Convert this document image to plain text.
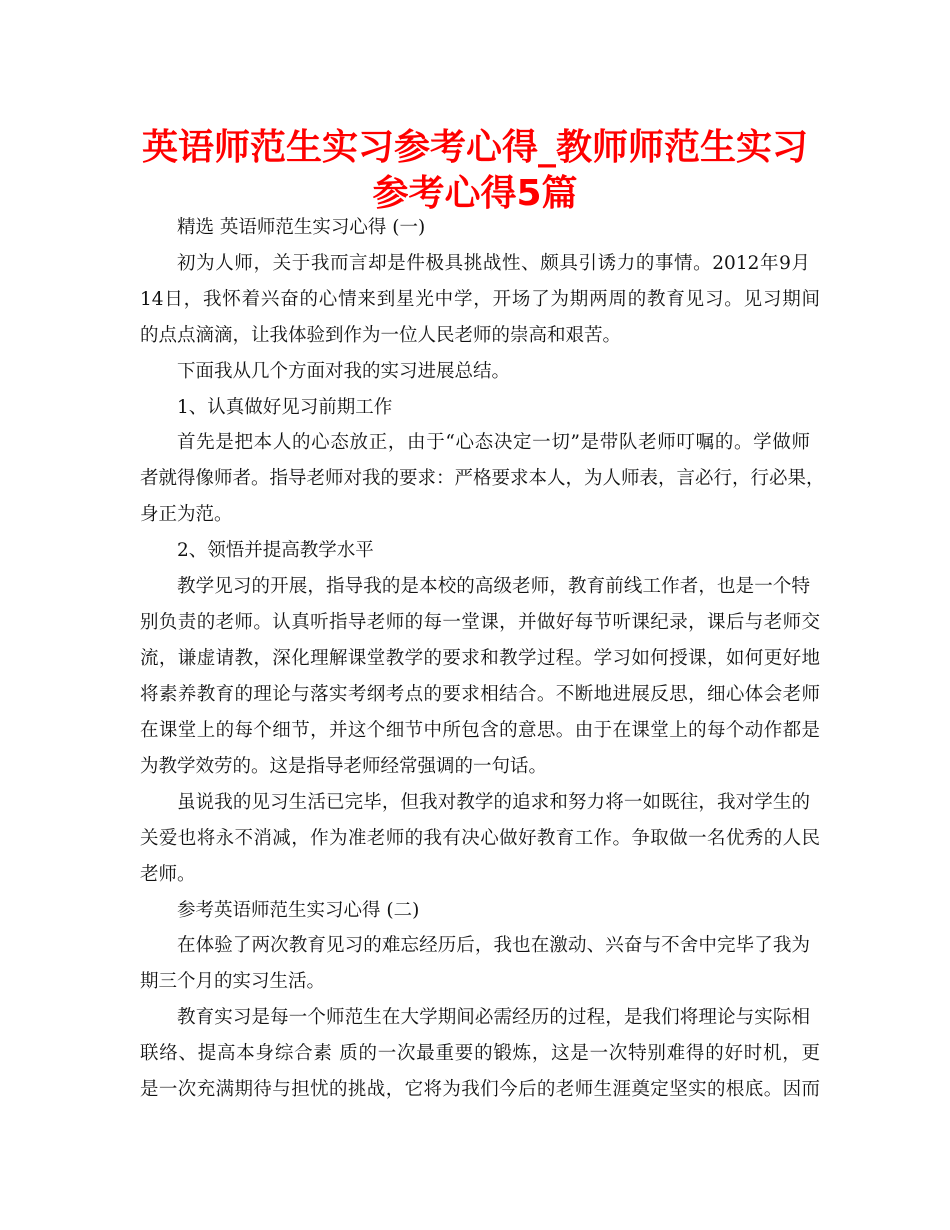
英语师范生实习参考心得_教师师范生实习
参考心得5篇
精选 英语师范生实习心得 (一)
初为人师，关于我而言却是件极具挑战性、颇具引诱力的事情。2012年9月
14日，我怀着兴奋的心情来到星光中学，开场了为期两周的教育见习。见习期间
的点点滴滴，让我体验到作为一位人民老师的崇高和艰苦。
下面我从几个方面对我的实习进展总结。
1、认真做好见习前期工作
首先是把本人的心态放正，由于“心态决定一切”是带队老师叮嘱的。学做师
者就得像师者。指导老师对我的要求：严格要求本人，为人师表，言必行，行必果，
身正为范。
2、领悟并提高教学水平
教学见习的开展，指导我的是本校的高级老师，教育前线工作者，也是一个特
别负责的老师。认真听指导老师的每一堂课，并做好每节听课纪录，课后与老师交
流，谦虚请教，深化理解课堂教学的要求和教学过程。学习如何授课，如何更好地
将素养教育的理论与落实考纲考点的要求相结合。不断地进展反思，细心体会老师
在课堂上的每个细节，并这个细节中所包含的意思。由于在课堂上的每个动作都是
为教学效劳的。这是指导老师经常强调的一句话。
虽说我的见习生活已完毕，但我对教学的追求和努力将一如既往，我对学生的
关爱也将永不消减，作为准老师的我有决心做好教育工作。争取做一名优秀的人民
老师。
参考英语师范生实习心得 (二)
在体验了两次教育见习的难忘经历后，我也在激动、兴奋与不舍中完毕了我为
期三个月的实习生活。
教育实习是每一个师范生在大学期间必需经历的过程，是我们将理论与实际相
联络、提高本身综合素 质的一次最重要的锻炼，这是一次特别难得的好时机，更
是一次充满期待与担忧的挑战，它将为我们今后的老师生涯奠定坚实的根底。因而
